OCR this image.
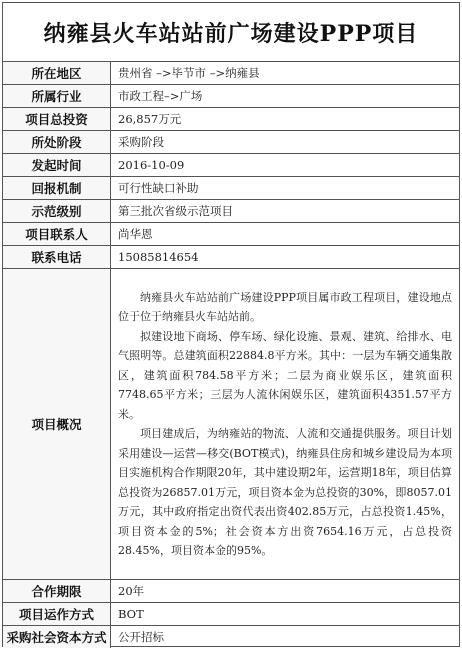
纳雍县火车站站前广场建设PPP项目
所在地区	贵州省 –>毕节市 –>纳雍县
所属行业	市政工程–>广场
项目总投资	26,857万元
所处阶段	采购阶段
发起时间	2016-10-09
回报机制	可行性缺口补助
示范级别	第三批次省级示范项目
项目联系人	尚华恩
联系电话	15085814654
项目概况	纳雍县火车站站前广场建设PPP项目属市政工程项目，建设地点位于位于纳雍县火车站站前。

拟建设地下商场、停车场、绿化设施、景观、建筑、给排水、电气照明等。总建筑面积22884.8平方米。其中：一层为车辆交通集散区，建筑面积784.58平方米；二层为商业娱乐区，建筑面积7748.65平方米；三层为人流休闲娱乐区，建筑面积4351.57平方米。

项目建成后，为纳雍站的物流、人流和交通提供服务。项目计划采用建设—运营—移交(BOT模式)，纳雍县住房和城乡建设局为本项目实施机构合作期限20年，其中建设期2年，运营期18年，项目估算总投资为26857.01万元，项目资本金为总投资的30%，即8057.01万元，其中政府指定出资代表出资402.85万元，占总投资1.45%，项目资本金的5%；社会资本方出资7654.16万元，占总投资28.45%，项目资本金的95%。

合作期限	20年
项目运作方式	BOT
采购社会资本方式	公开招标
